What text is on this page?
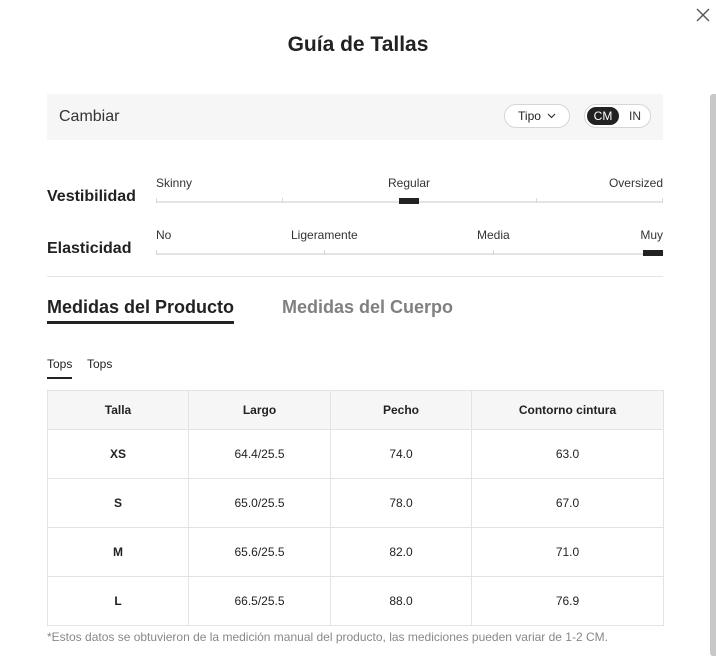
Guía de Tallas
Cambiar	Tipo	CM	IN
Vestibilidad
Skinny	Regular	Oversized
Elasticidad
No	Ligeramente	Media	Muy
Medidas del Producto	Medidas del Cuerpo
Tops Tops
Talla	Largo	Pecho	Contorno cintura
XS	64.4/25.5	74.0	63.0
S	65.0/25.5	78.0	67.0
M	65.6/25.5	82.0	71.0
L	66.5/25.5	88.0	76.9
*Estos datos se obtuvieron de la medición manual del producto, las mediciones pueden variar de 1-2 CM.
